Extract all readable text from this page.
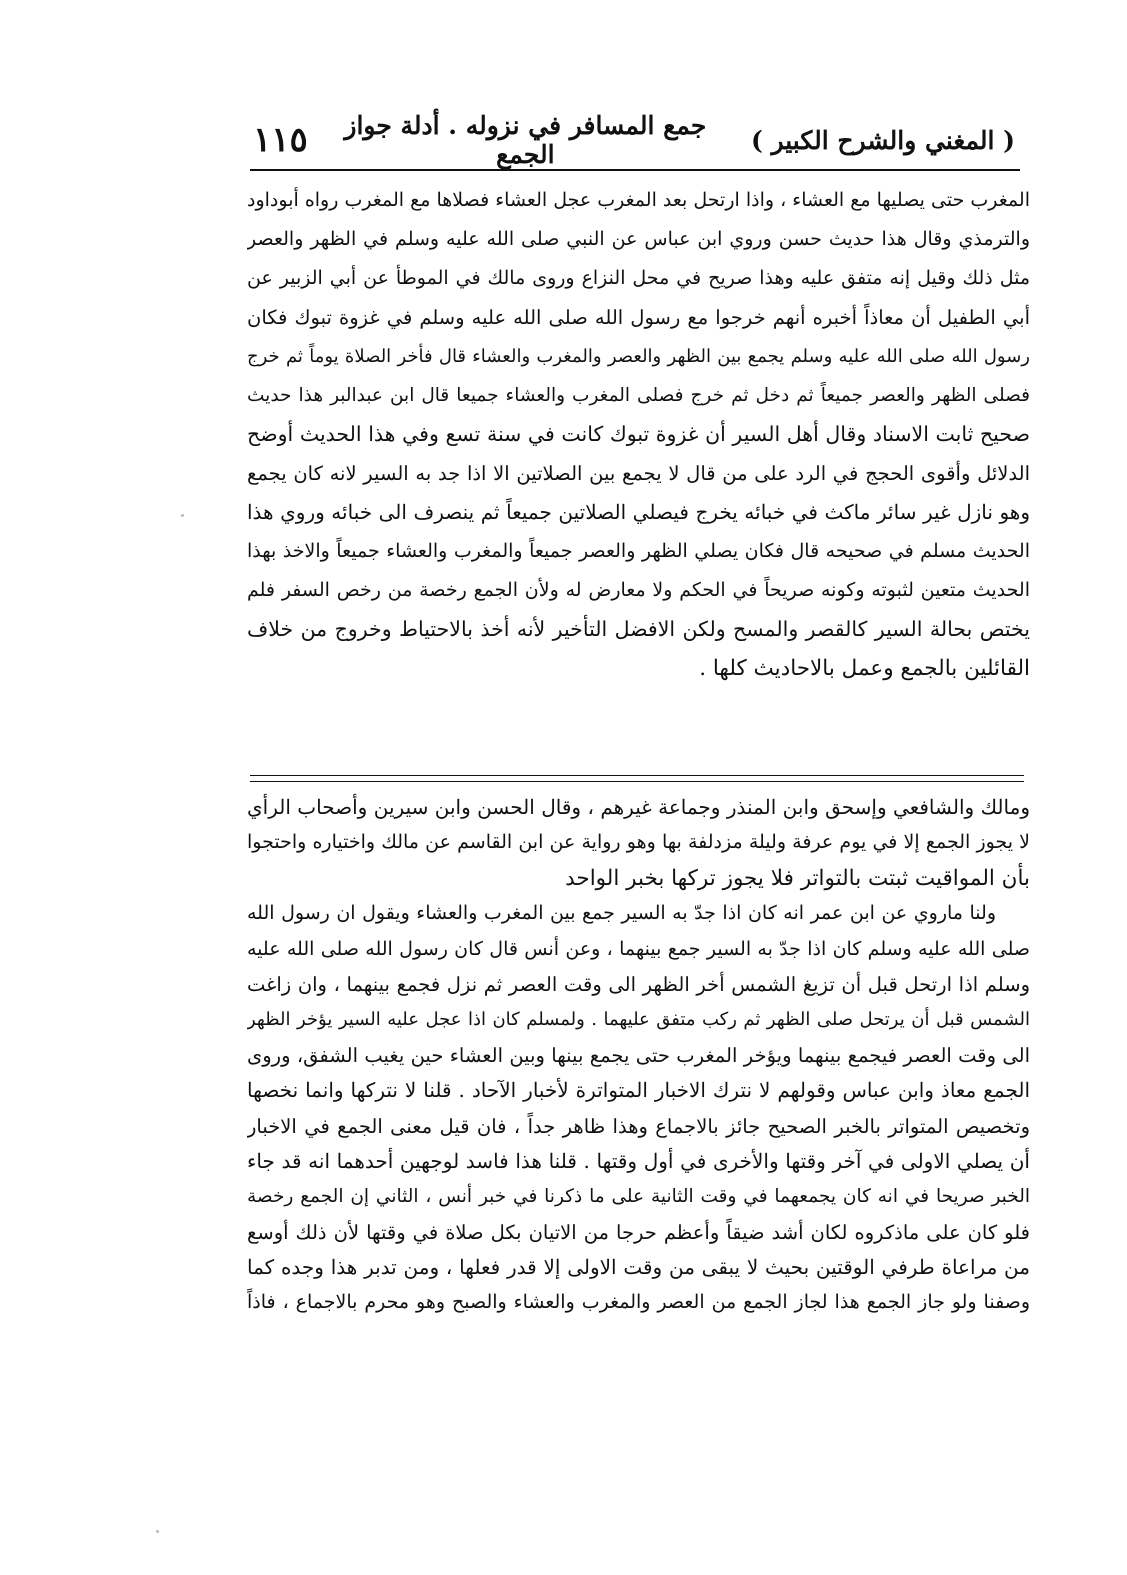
( المغني والشرح الكبير )
جمع المسافر في نزوله . أدلة جواز الجمع
١١٥
المغرب حتى يصليها مع العشاء ، واذا ارتحل بعد المغرب عجل العشاء فصلاها مع المغرب رواه أبوداود
والترمذي وقال هذا حديث حسن وروي ابن عباس عن النبي صلى الله عليه وسلم في الظهر والعصر
مثل ذلك وقيل إنه متفق عليه وهذا صريح في محل النزاع وروى مالك في الموطأ عن أبي الزبير عن
أبي الطفيل أن معاذاً أخبره أنهم خرجوا مع رسول الله صلى الله عليه وسلم في غزوة تبوك فكان
رسول الله صلى الله عليه وسلم يجمع بين الظهر والعصر والمغرب والعشاء قال فأخر الصلاة يوماً ثم خرج
فصلى الظهر والعصر جميعاً ثم دخل ثم خرج فصلى المغرب والعشاء جميعا قال ابن عبدالبر هذا حديث
صحيح ثابت الاسناد وقال أهل السير أن غزوة تبوك كانت في سنة تسع وفي هذا الحديث أوضح
الدلائل وأقوى الحجج في الرد على من قال لا يجمع بين الصلاتين الا اذا جد به السير لانه كان يجمع
وهو نازل غير سائر ماكث في خبائه يخرج فيصلي الصلاتين جميعاً ثم ينصرف الى خبائه وروي هذا
الحديث مسلم في صحيحه قال فكان يصلي الظهر والعصر جميعاً والمغرب والعشاء جميعاً والاخذ بهذا
الحديث متعين لثبوته وكونه صريحاً في الحكم ولا معارض له ولأن الجمع رخصة من رخص السفر فلم
يختص بحالة السير كالقصر والمسح ولكن الافضل التأخير لأنه أخذ بالاحتياط وخروج من خلاف
القائلين بالجمع وعمل بالاحاديث كلها .
ومالك والشافعي وإسحق وابن المنذر وجماعة غيرهم ، وقال الحسن وابن سيرين وأصحاب الرأي
لا يجوز الجمع إلا في يوم عرفة وليلة مزدلفة بها وهو رواية عن ابن القاسم عن مالك واختياره واحتجوا
بأن المواقيت ثبتت بالتواتر فلا يجوز تركها بخبر الواحد
ولنا ماروي عن ابن عمر انه كان اذا جدّ به السير جمع بين المغرب والعشاء ويقول ان رسول الله
صلى الله عليه وسلم كان اذا جدّ به السير جمع بينهما ، وعن أنس قال كان رسول الله صلى الله عليه
وسلم اذا ارتحل قبل أن تزيغ الشمس أخر الظهر الى وقت العصر ثم نزل فجمع بينهما ، وان زاغت
الشمس قبل أن يرتحل صلى الظهر ثم ركب متفق عليهما . ولمسلم كان اذا عجل عليه السير يؤخر الظهر
الى وقت العصر فيجمع بينهما ويؤخر المغرب حتى يجمع بينها وبين العشاء حين يغيب الشفق، وروى
الجمع معاذ وابن عباس وقولهم لا نترك الاخبار المتواترة لأخبار الآحاد . قلنا لا نتركها وانما نخصها
وتخصيص المتواتر بالخبر الصحيح جائز بالاجماع وهذا ظاهر جداً ، فان قيل معنى الجمع في الاخبار
أن يصلي الاولى في آخر وقتها والأخرى في أول وقتها . قلنا هذا فاسد لوجهين أحدهما انه قد جاء
الخبر صريحا في انه كان يجمعهما في وقت الثانية على ما ذكرنا في خبر أنس ، الثاني إن الجمع رخصة
فلو كان على ماذكروه لكان أشد ضيقاً وأعظم حرجا من الاتيان بكل صلاة في وقتها لأن ذلك أوسع
من مراعاة طرفي الوقتين بحيث لا يبقى من وقت الاولى إلا قدر فعلها ، ومن تدبر هذا وجده كما
وصفنا ولو جاز الجمع هذا لجاز الجمع من العصر والمغرب والعشاء والصبح وهو محرم بالاجماع ، فاذاً
